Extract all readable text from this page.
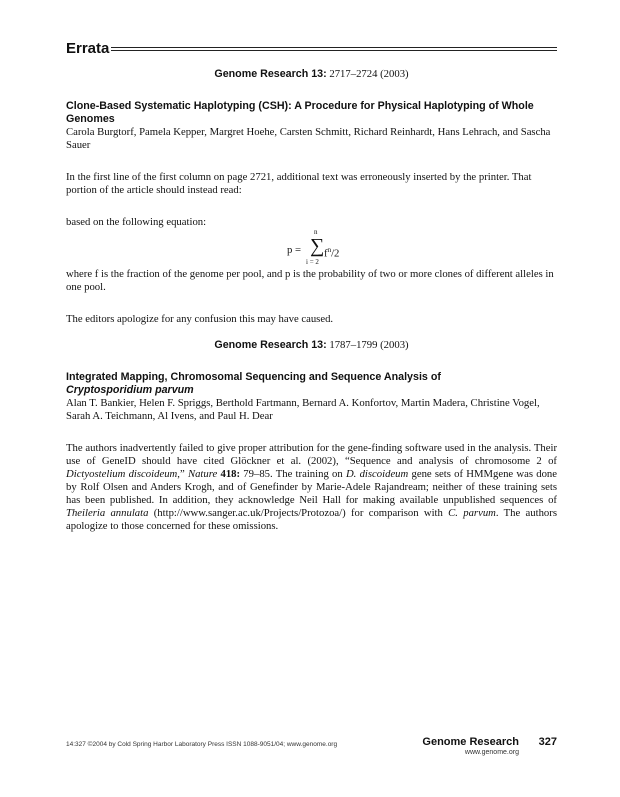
Errata

Genome Research 13: 2717–2724 (2003)

Clone-Based Systematic Haplotyping (CSH): A Procedure for Physical Haplotyping of Whole Genomes

Carola Burgtorf, Pamela Kepper, Margret Hoehe, Carsten Schmitt, Richard Reinhardt, Hans Lehrach, and Sascha Sauer

In the first line of the first column on page 2721, additional text was erroneously inserted by the printer. That portion of the article should instead read:

based on the following equation:

p =
n
∑
i = 2
$f^n/2$

where f is the fraction of the genome per pool, and p is the probability of two or more clones of different alleles in one pool.

The editors apologize for any confusion this may have caused.

Genome Research 13: 1787–1799 (2003)

Integrated Mapping, Chromosomal Sequencing and Sequence Analysis of
Cryptosporidium parvum

Alan T. Bankier, Helen F. Spriggs, Berthold Fartmann, Bernard A. Konfortov, Martin Madera, Christine Vogel, Sarah A. Teichmann, Al Ivens, and Paul H. Dear

The authors inadvertently failed to give proper attribution for the gene-finding software used in the analysis. Their use of GeneID should have cited Glöckner et al. (2002), “Sequence and analysis of chromosome 2 of Dictyostelium discoideum,” Nature 418: 79–85. The training on D. discoideum gene sets of HMMgene was done by Rolf Olsen and Anders Krogh, and of Genefinder by Marie-Adele Rajandream; neither of these training sets has been published. In addition, they acknowledge Neil Hall for making available unpublished sequences of Theileria annulata (http://www.sanger.ac.uk/Projects/Protozoa/) for comparison with C. parvum. The authors apologize to those concerned for these omissions.

14:327 ©2004 by Cold Spring Harbor Laboratory Press ISSN 1088-9051/04; www.genome.org	Genome Research 327
www.genome.org
